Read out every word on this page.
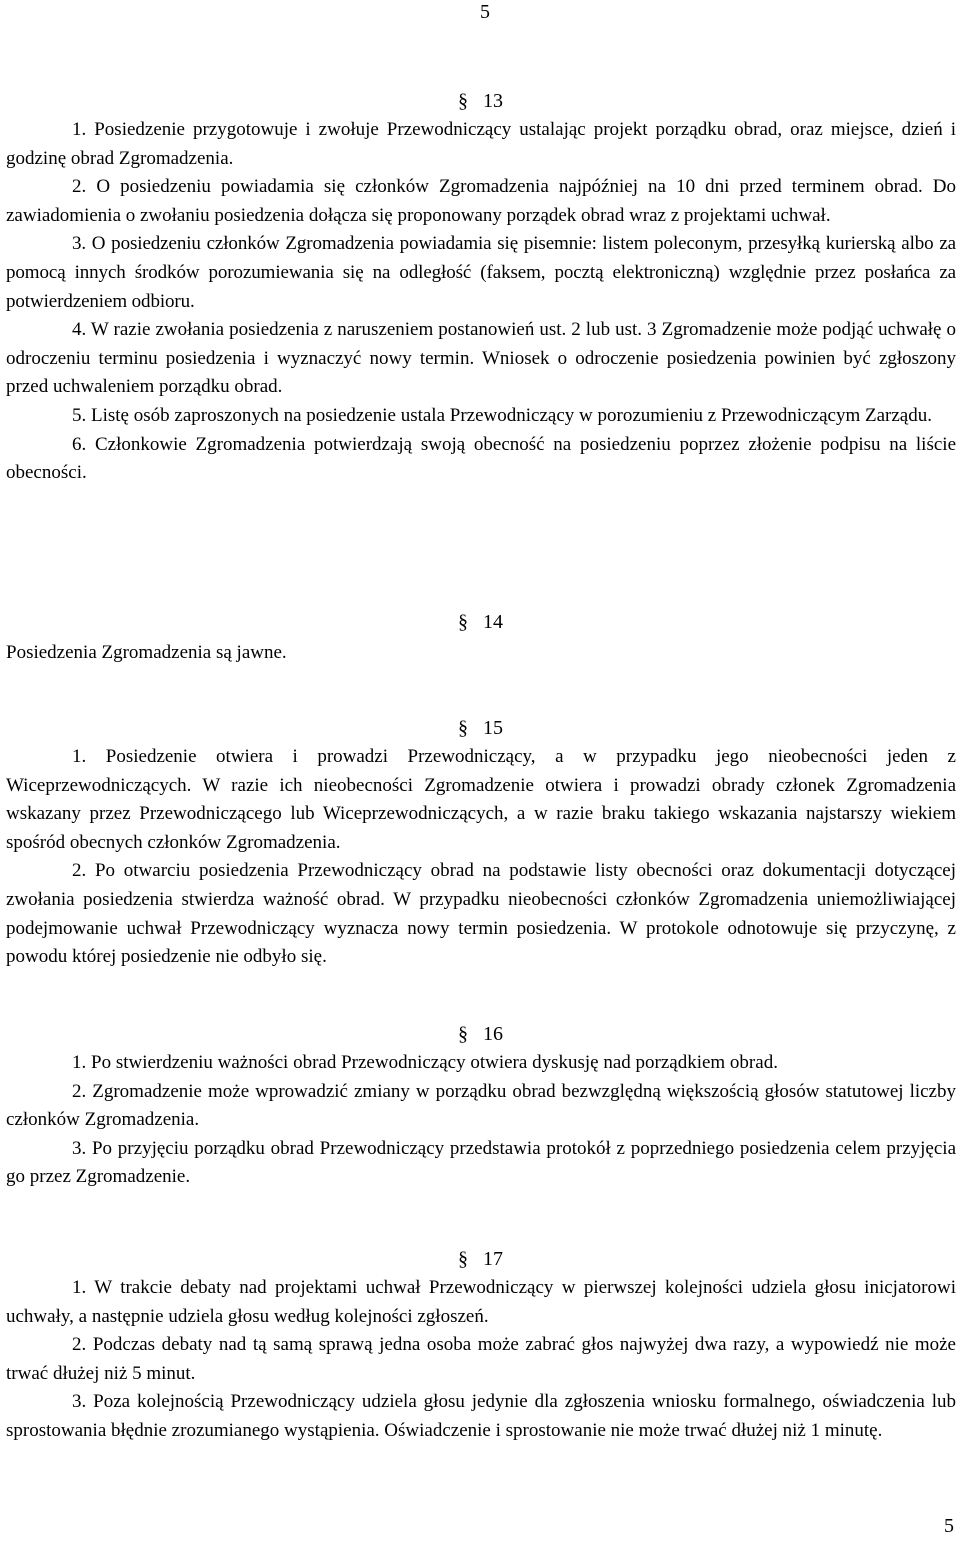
5
§ 13

1. Posiedzenie przygotowuje i zwołuje Przewodniczący ustalając projekt porządku obrad, oraz miejsce, dzień i godzinę obrad Zgromadzenia.

2. O posiedzeniu powiadamia się członków Zgromadzenia najpóźniej na 10 dni przed terminem obrad. Do zawiadomienia o zwołaniu posiedzenia dołącza się proponowany porządek obrad wraz z projektami uchwał.

3. O posiedzeniu członków Zgromadzenia powiadamia się pisemnie: listem poleconym, przesyłką kurierską albo za pomocą innych środków porozumiewania się na odległość (faksem, pocztą elektroniczną) względnie przez posłańca za potwierdzeniem odbioru.

4. W razie zwołania posiedzenia z naruszeniem postanowień ust. 2 lub ust. 3 Zgromadzenie może podjąć uchwałę o odroczeniu terminu posiedzenia i wyznaczyć nowy termin. Wniosek o odroczenie posiedzenia powinien być zgłoszony przed uchwaleniem porządku obrad.

5. Listę osób zaproszonych na posiedzenie ustala Przewodniczący w porozumieniu z Przewodniczącym Zarządu.

6. Członkowie Zgromadzenia potwierdzają swoją obecność na posiedzeniu poprzez złożenie podpisu na liście obecności.

§ 14

Posiedzenia Zgromadzenia są jawne.

§ 15

1. Posiedzenie otwiera i prowadzi Przewodniczący, a w przypadku jego nieobecności jeden z Wiceprzewodniczących. W razie ich nieobecności Zgromadzenie otwiera i prowadzi obrady członek Zgromadzenia wskazany przez Przewodniczącego lub Wiceprzewodniczących, a w razie braku takiego wskazania najstarszy wiekiem spośród obecnych członków Zgromadzenia.

2. Po otwarciu posiedzenia Przewodniczący obrad na podstawie listy obecności oraz dokumentacji dotyczącej zwołania posiedzenia stwierdza ważność obrad. W przypadku nieobecności członków Zgromadzenia uniemożliwiającej podejmowanie uchwał Przewodniczący wyznacza nowy termin posiedzenia. W protokole odnotowuje się przyczynę, z powodu której posiedzenie nie odbyło się.

§ 16

1. Po stwierdzeniu ważności obrad Przewodniczący otwiera dyskusję nad porządkiem obrad.

2. Zgromadzenie może wprowadzić zmiany w porządku obrad bezwzględną większością głosów statutowej liczby członków Zgromadzenia.

3. Po przyjęciu porządku obrad Przewodniczący przedstawia protokół z poprzedniego posiedzenia celem przyjęcia go przez Zgromadzenie.

§ 17

1. W trakcie debaty nad projektami uchwał Przewodniczący w pierwszej kolejności udziela głosu inicjatorowi uchwały, a następnie udziela głosu według kolejności zgłoszeń.

2. Podczas debaty nad tą samą sprawą jedna osoba może zabrać głos najwyżej dwa razy, a wypowiedź nie może trwać dłużej niż 5 minut.

3. Poza kolejnością Przewodniczący udziela głosu jedynie dla zgłoszenia wniosku formalnego, oświadczenia lub sprostowania błędnie zrozumianego wystąpienia. Oświadczenie i sprostowanie nie może trwać dłużej niż 1 minutę.

5
